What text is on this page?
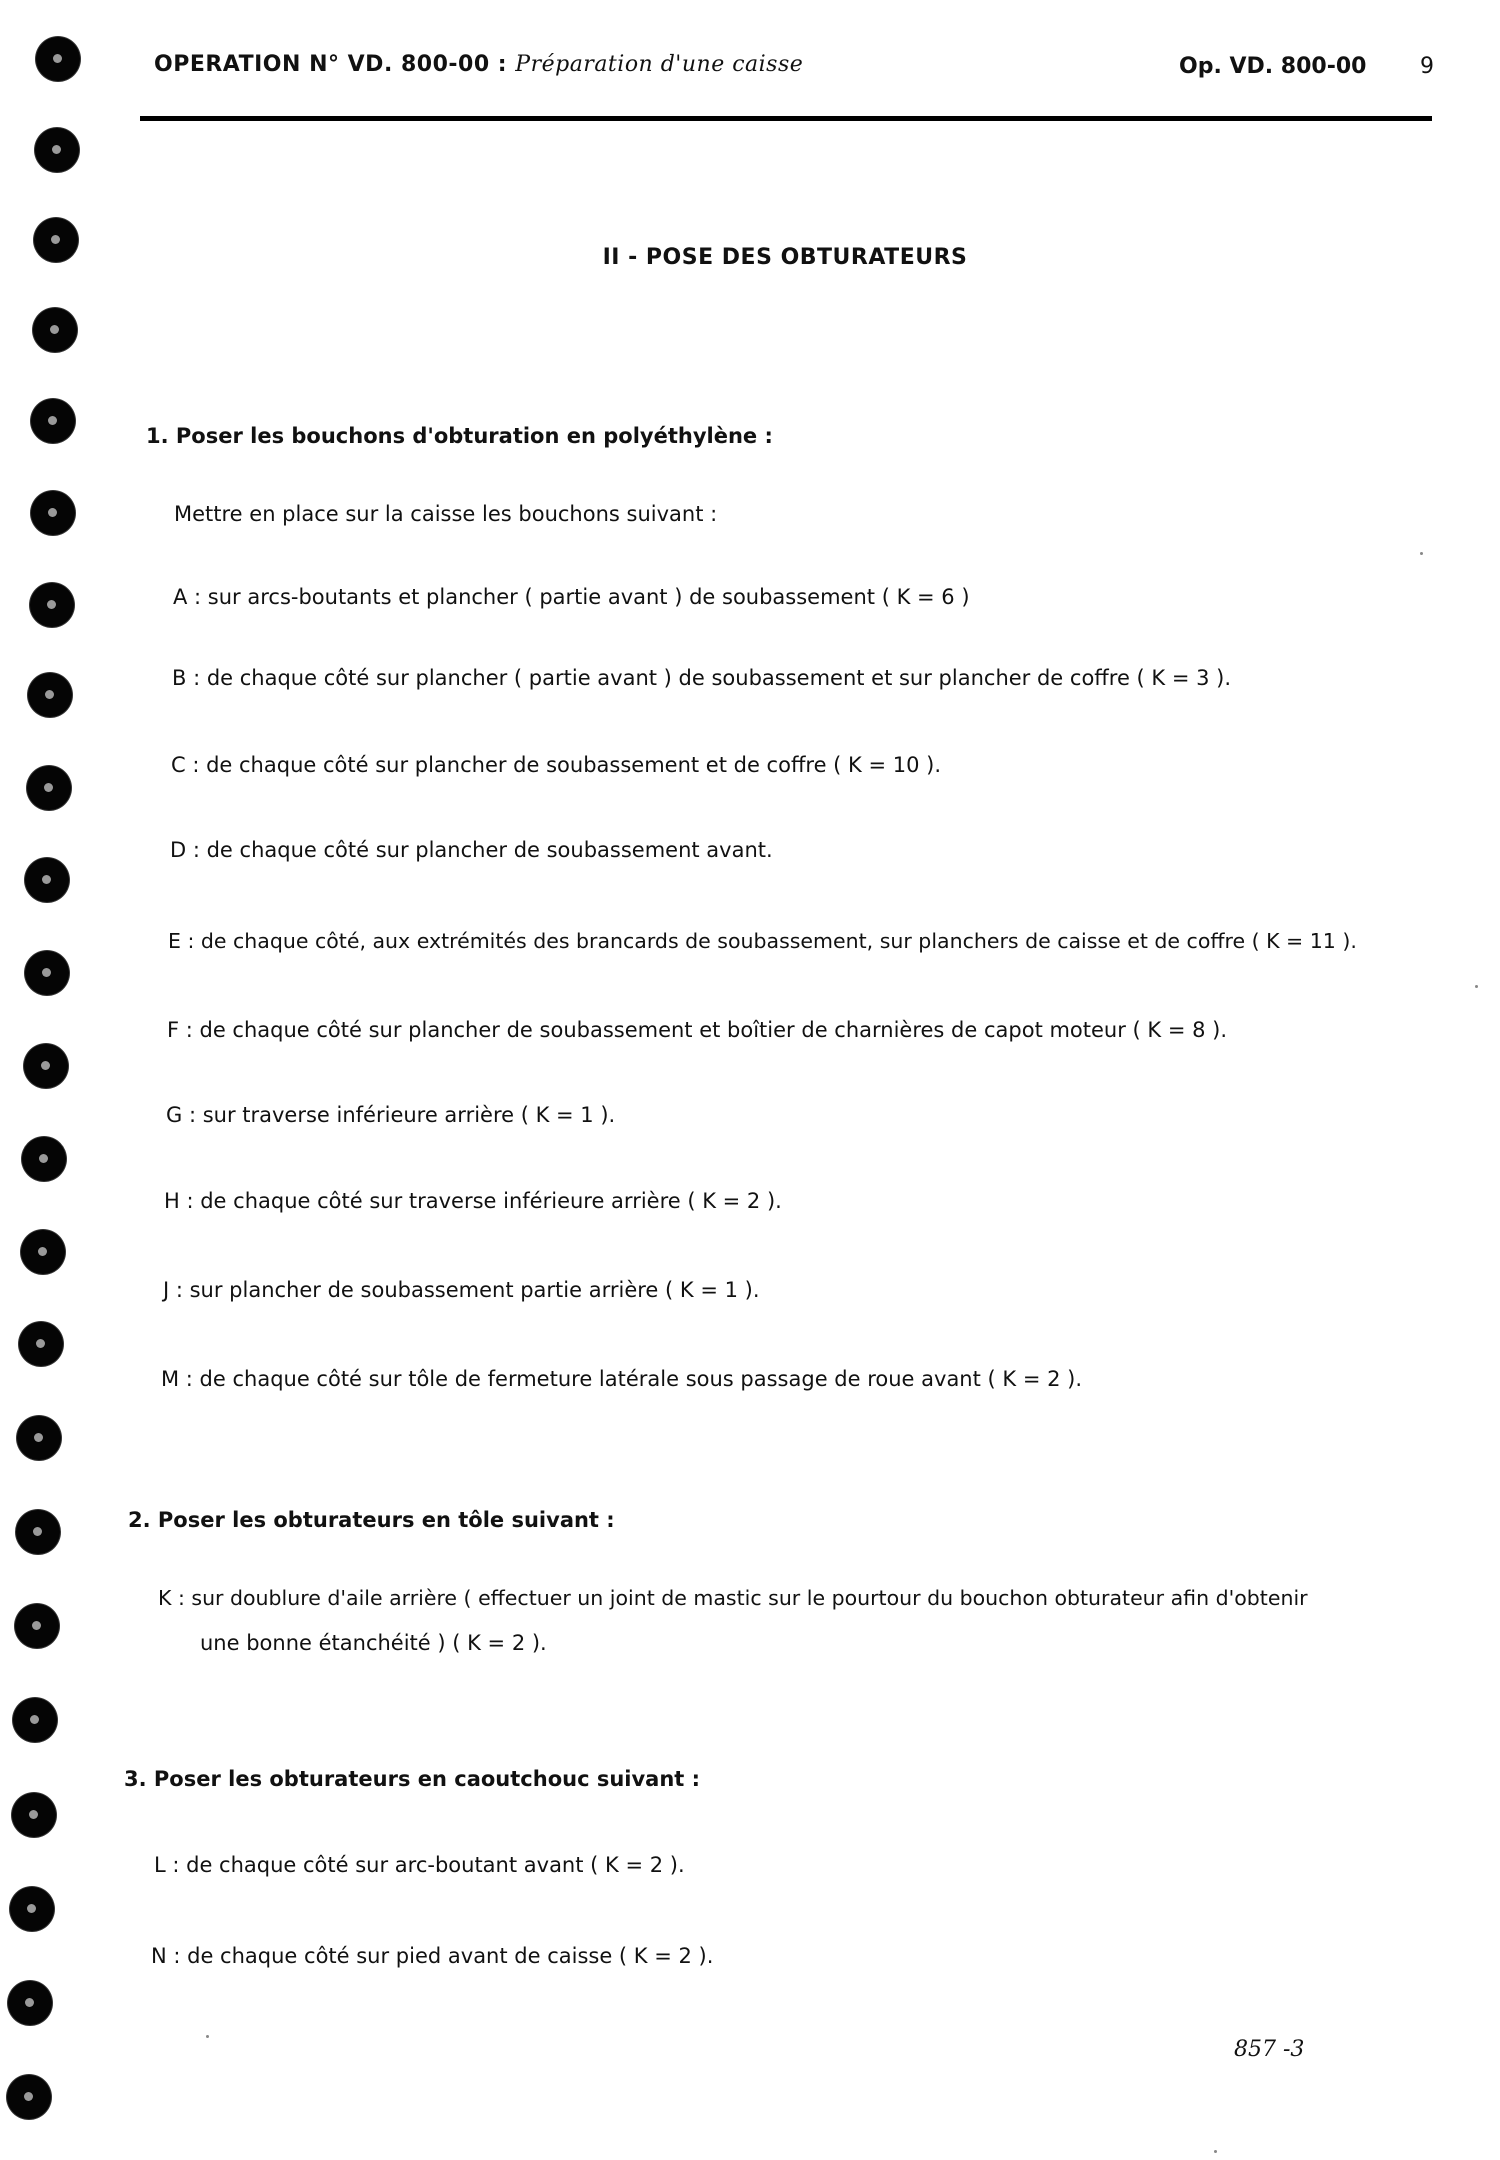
OPERATION N° VD. 800-00 : Préparation d'une caisse	Op. VD. 800-00 9
II - POSE DES OBTURATEURS
1. Poser les bouchons d'obturation en polyéthylène :
Mettre en place sur la caisse les bouchons suivant :
A : sur arcs-boutants et plancher ( partie avant ) de soubassement ( K = 6 )
B : de chaque côté sur plancher ( partie avant ) de soubassement et sur plancher de coffre ( K = 3 ).
C : de chaque côté sur plancher de soubassement et de coffre ( K = 10 ).
D : de chaque côté sur plancher de soubassement avant.
E : de chaque côté, aux extrémités des brancards de soubassement, sur planchers de caisse et de coffre ( K = 11 ).
F : de chaque côté sur plancher de soubassement et boîtier de charnières de capot moteur ( K = 8 ).
G : sur traverse inférieure arrière ( K = 1 ).
H : de chaque côté sur traverse inférieure arrière ( K = 2 ).
J : sur plancher de soubassement partie arrière ( K = 1 ).
M : de chaque côté sur tôle de fermeture latérale sous passage de roue avant ( K = 2 ).
2. Poser les obturateurs en tôle suivant :
K : sur doublure d'aile arrière ( effectuer un joint de mastic sur le pourtour du bouchon obturateur afin d'obtenir
une bonne étanchéité ) ( K = 2 ).
3. Poser les obturateurs en caoutchouc suivant :
L : de chaque côté sur arc-boutant avant ( K = 2 ).
N : de chaque côté sur pied avant de caisse ( K = 2 ).
857 -3
